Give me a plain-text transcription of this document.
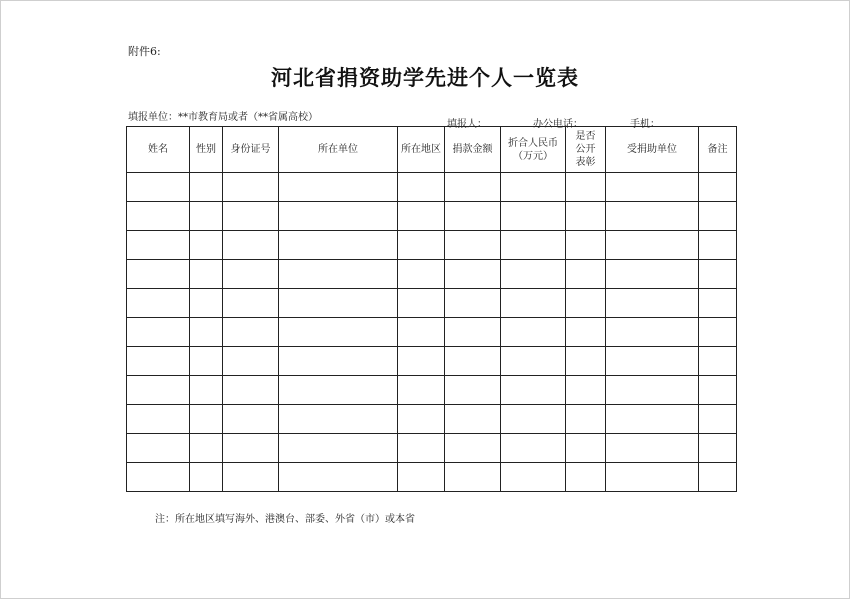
附件6:
河北省捐资助学先进个人一览表
填报单位：**市教育局或者（**省属高校）
填报人：	办公电话：	手机：
姓名	性别	身份证号	所在单位	所在地区	捐款金额	折合人民币（万元）	是否公开表彰	受捐助单位	备注

注：所在地区填写海外、港澳台、部委、外省（市）或本省
